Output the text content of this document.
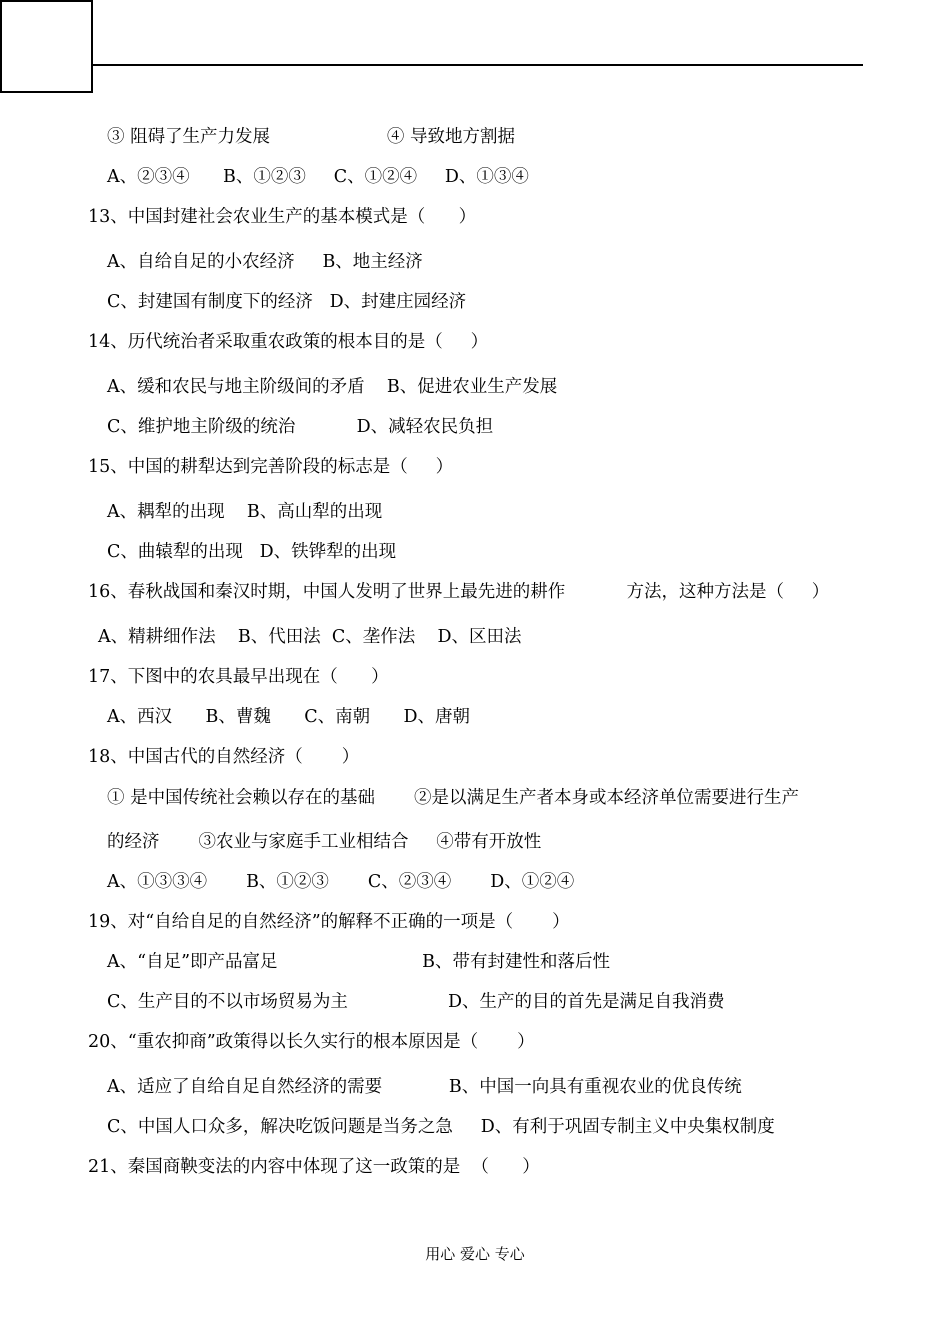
③ 阻碍了生产力发展                     ④ 导致地方割据
A、②③④      B、①②③     C、①②④     D、①③④
13、中国封建社会农业生产的基本模式是（      ）
A、自给自足的小农经济     B、地主经济
C、封建国有制度下的经济   D、封建庄园经济
14、历代统治者采取重农政策的根本目的是（     ）
A、缓和农民与地主阶级间的矛盾    B、促进农业生产发展
C、维护地主阶级的统治           D、减轻农民负担
15、中国的耕犁达到完善阶段的标志是（     ）
A、耦犁的出现    B、高山犁的出现
C、曲辕犁的出现   D、铁铧犁的出现
16、春秋战国和秦汉时期，中国人发明了世界上最先进的耕作           方法，这种方法是（     ）
A、精耕细作法    B、代田法  C、垄作法    D、区田法
17、下图中的农具最早出现在（      ）
A、西汉      B、曹魏      C、南朝      D、唐朝
18、中国古代的自然经济（       ）
① 是中国传统社会赖以存在的基础       ②是以满足生产者本身或本经济单位需要进行生产
的经济       ③农业与家庭手工业相结合     ④带有开放性
A、①③③④       B、①②③       C、②③④       D、①②④
19、对“自给自足的自然经济”的解释不正确的一项是（       ）
A、“自足”即产品富足                          B、带有封建性和落后性
C、生产目的不以市场贸易为主                  D、生产的目的首先是满足自我消费
20、“重农抑商”政策得以长久实行的根本原因是（       ）
A、适应了自给自足自然经济的需要            B、中国一向具有重视农业的优良传统
C、中国人口众多，解决吃饭问题是当务之急     D、有利于巩固专制主义中央集权制度
21、秦国商鞅变法的内容中体现了这一政策的是  （      ）
用心 爱心 专心
